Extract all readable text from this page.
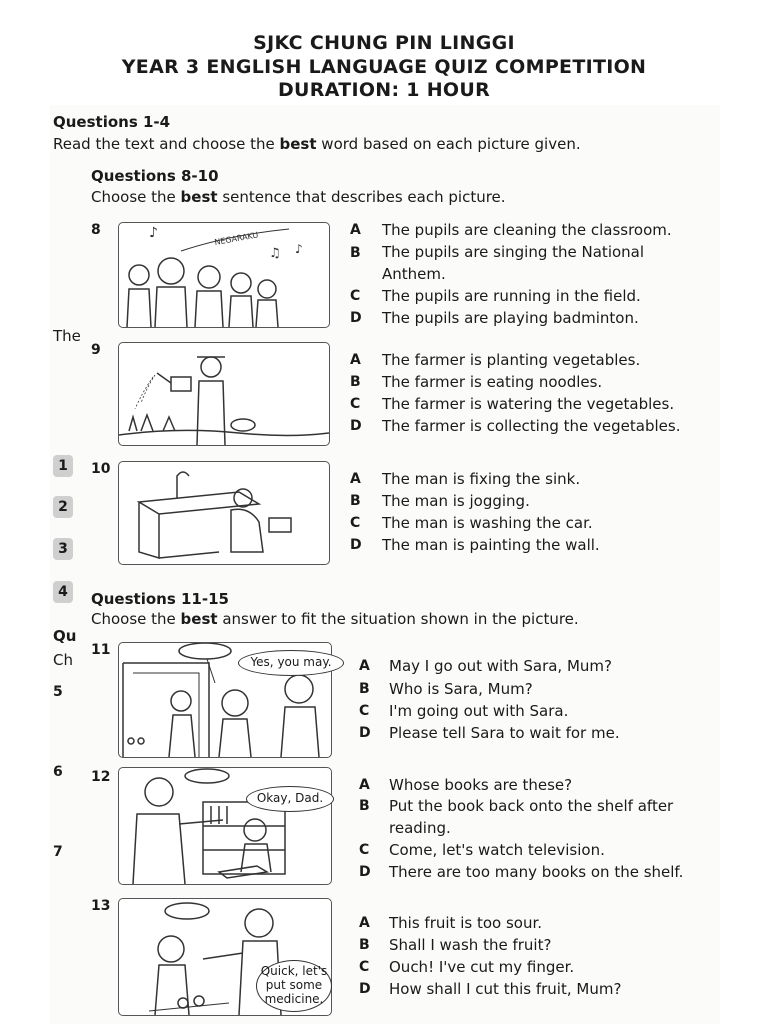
SJKC CHUNG PIN LINGGI
YEAR 3 ENGLISH LANGUAGE QUIZ COMPETITION
DURATION: 1 HOUR
Questions 1-4
Read the text and choose the best word based on each picture given.
Questions 8-10
Choose the best sentence that describes each picture.
The
1
2
3
4
Qu
Ch
5
6
7
8
NEGARAKU
♪
♫ ♪
A The pupils are cleaning the classroom.
B The pupils are singing the National
Anthem.
C The pupils are running in the field.
D The pupils are playing badminton.
9
A The farmer is planting vegetables.
B The farmer is eating noodles.
C The farmer is watering the vegetables.
D The farmer is collecting the vegetables.
10
A The man is fixing the sink.
B The man is jogging.
C The man is washing the car.
D The man is painting the wall.
Questions 11-15
Choose the best answer to fit the situation shown in the picture.
11
Yes, you may.	A May I go out with Sara, Mum?
B Who is Sara, Mum?
C I'm going out with Sara.
D Please tell Sara to wait for me.
12
Okay, Dad.
A Whose books are these?
B Put the book back onto the shelf after
reading.
C Come, let's watch television.
D There are too many books on the shelf.
13
Quick, let's
put some
medicine.
A This fruit is too sour.
B Shall I wash the fruit?
C Ouch! I've cut my finger.
D How shall I cut this fruit, Mum?
